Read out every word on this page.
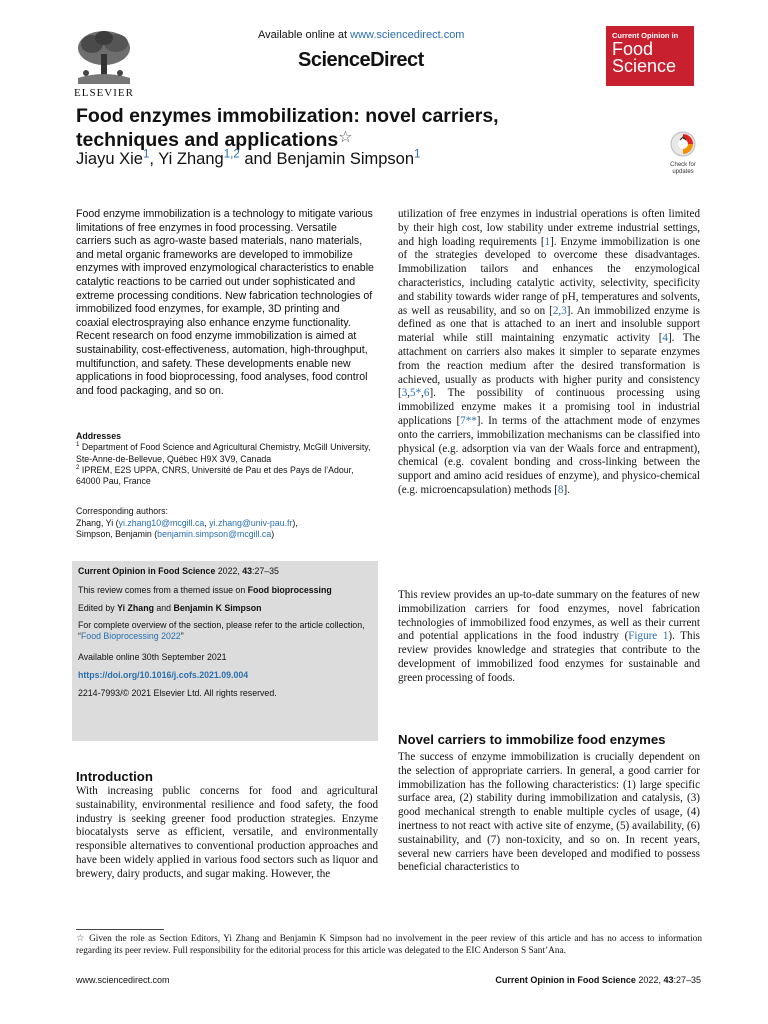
ELSEVIER
Available online at www.sciencedirect.com
ScienceDirect
Current Opinion in
Food
Science
Food enzymes immobilization: novel carriers,
techniques and applications☆
Jiayu Xie$^1$, Yi Zhang$^{1,2}$ and Benjamin Simpson$^1$
Check for updates

Food enzyme immobilization is a technology to mitigate various limitations of free enzymes in food processing. Versatile carriers such as agro-waste based materials, nano materials, and metal organic frameworks are developed to immobilize enzymes with improved enzymological characteristics to enable catalytic reactions to be carried out under sophisticated and extreme processing conditions. New fabrication technologies of immobilized food enzymes, for example, 3D printing and coaxial electrospraying also enhance enzyme functionality. Recent research on food enzyme immobilization is aimed at sustainability, cost-effectiveness, automation, high-throughput, multifunction, and safety. These developments enable new applications in food bioprocessing, food analyses, food control and food packaging, and so on.

Addresses
$^1$ Department of Food Science and Agricultural Chemistry, McGill University, Ste-Anne-de-Bellevue, Québec H9X 3V9, Canada
$^2$ IPREM, E2S UPPA, CNRS, Université de Pau et des Pays de l’Adour, 64000 Pau, France
Corresponding authors:
Zhang, Yi (yi.zhang10@mcgill.ca, yi.zhang@univ-pau.fr),
Simpson, Benjamin (benjamin.simpson@mcgill.ca)
Current Opinion in Food Science 2022, 43:27–35
This review comes from a themed issue on Food bioprocessing
Edited by Yi Zhang and Benjamin K Simpson
For complete overview of the section, please refer to the article collection, “Food Bioprocessing 2022”
Available online 30th September 2021
https://doi.org/10.1016/j.cofs.2021.09.004
2214-7993/© 2021 Elsevier Ltd. All rights reserved.
Introduction

With increasing public concerns for food and agricultural sustainability, environmental resilience and food safety, the food industry is seeking greener food production strategies. Enzyme biocatalysts serve as efficient, versatile, and environmentally responsible alternatives to conventional production approaches and have been widely applied in various food sectors such as liquor and brewery, dairy products, and sugar making. However, the

utilization of free enzymes in industrial operations is often limited by their high cost, low stability under extreme industrial settings, and high loading requirements [1]. Enzyme immobilization is one of the strategies developed to overcome these disadvantages. Immobilization tailors and enhances the enzymological characteristics, including catalytic activity, selectivity, specificity and stability towards wider range of pH, temperatures and solvents, as well as reusability, and so on [2,3]. An immobilized enzyme is defined as one that is attached to an inert and insoluble support material while still maintaining enzymatic activity [4]. The attachment on carriers also makes it simpler to separate enzymes from the reaction medium after the desired transformation is achieved, usually as products with higher purity and consistency [3,5*,6]. The possibility of continuous processing using immobilized enzyme makes it a promising tool in industrial applications [7**]. In terms of the attachment mode of enzymes onto the carriers, immobilization mechanisms can be classified into physical (e.g. adsorption via van der Waals force and entrapment), chemical (e.g. covalent bonding and cross-linking between the support and amino acid residues of enzyme), and physico-chemical (e.g. microencapsulation) methods [8].

This review provides an up-to-date summary on the features of new immobilization carriers for food enzymes, novel fabrication technologies of immobilized food enzymes, as well as their current and potential applications in the food industry (Figure 1). This review provides knowledge and strategies that contribute to the development of immobilized food enzymes for sustainable and green processing of foods.

Novel carriers to immobilize food enzymes

The success of enzyme immobilization is crucially dependent on the selection of appropriate carriers. In general, a good carrier for immobilization has the following characteristics: (1) large specific surface area, (2) stability during immobilization and catalysis, (3) good mechanical strength to enable multiple cycles of usage, (4) inertness to not react with active site of enzyme, (5) availability, (6) sustainability, and (7) non-toxicity, and so on. In recent years, several new carriers have been developed and modified to possess beneficial characteristics to

☆ Given the role as Section Editors, Yi Zhang and Benjamin K Simpson had no involvement in the peer review of this article and has no access to information regarding its peer review. Full responsibility for the editorial process for this article was delegated to the EIC Anderson S Sant’Ana.

www.sciencedirect.com	Current Opinion in Food Science 2022, 43:27–35
